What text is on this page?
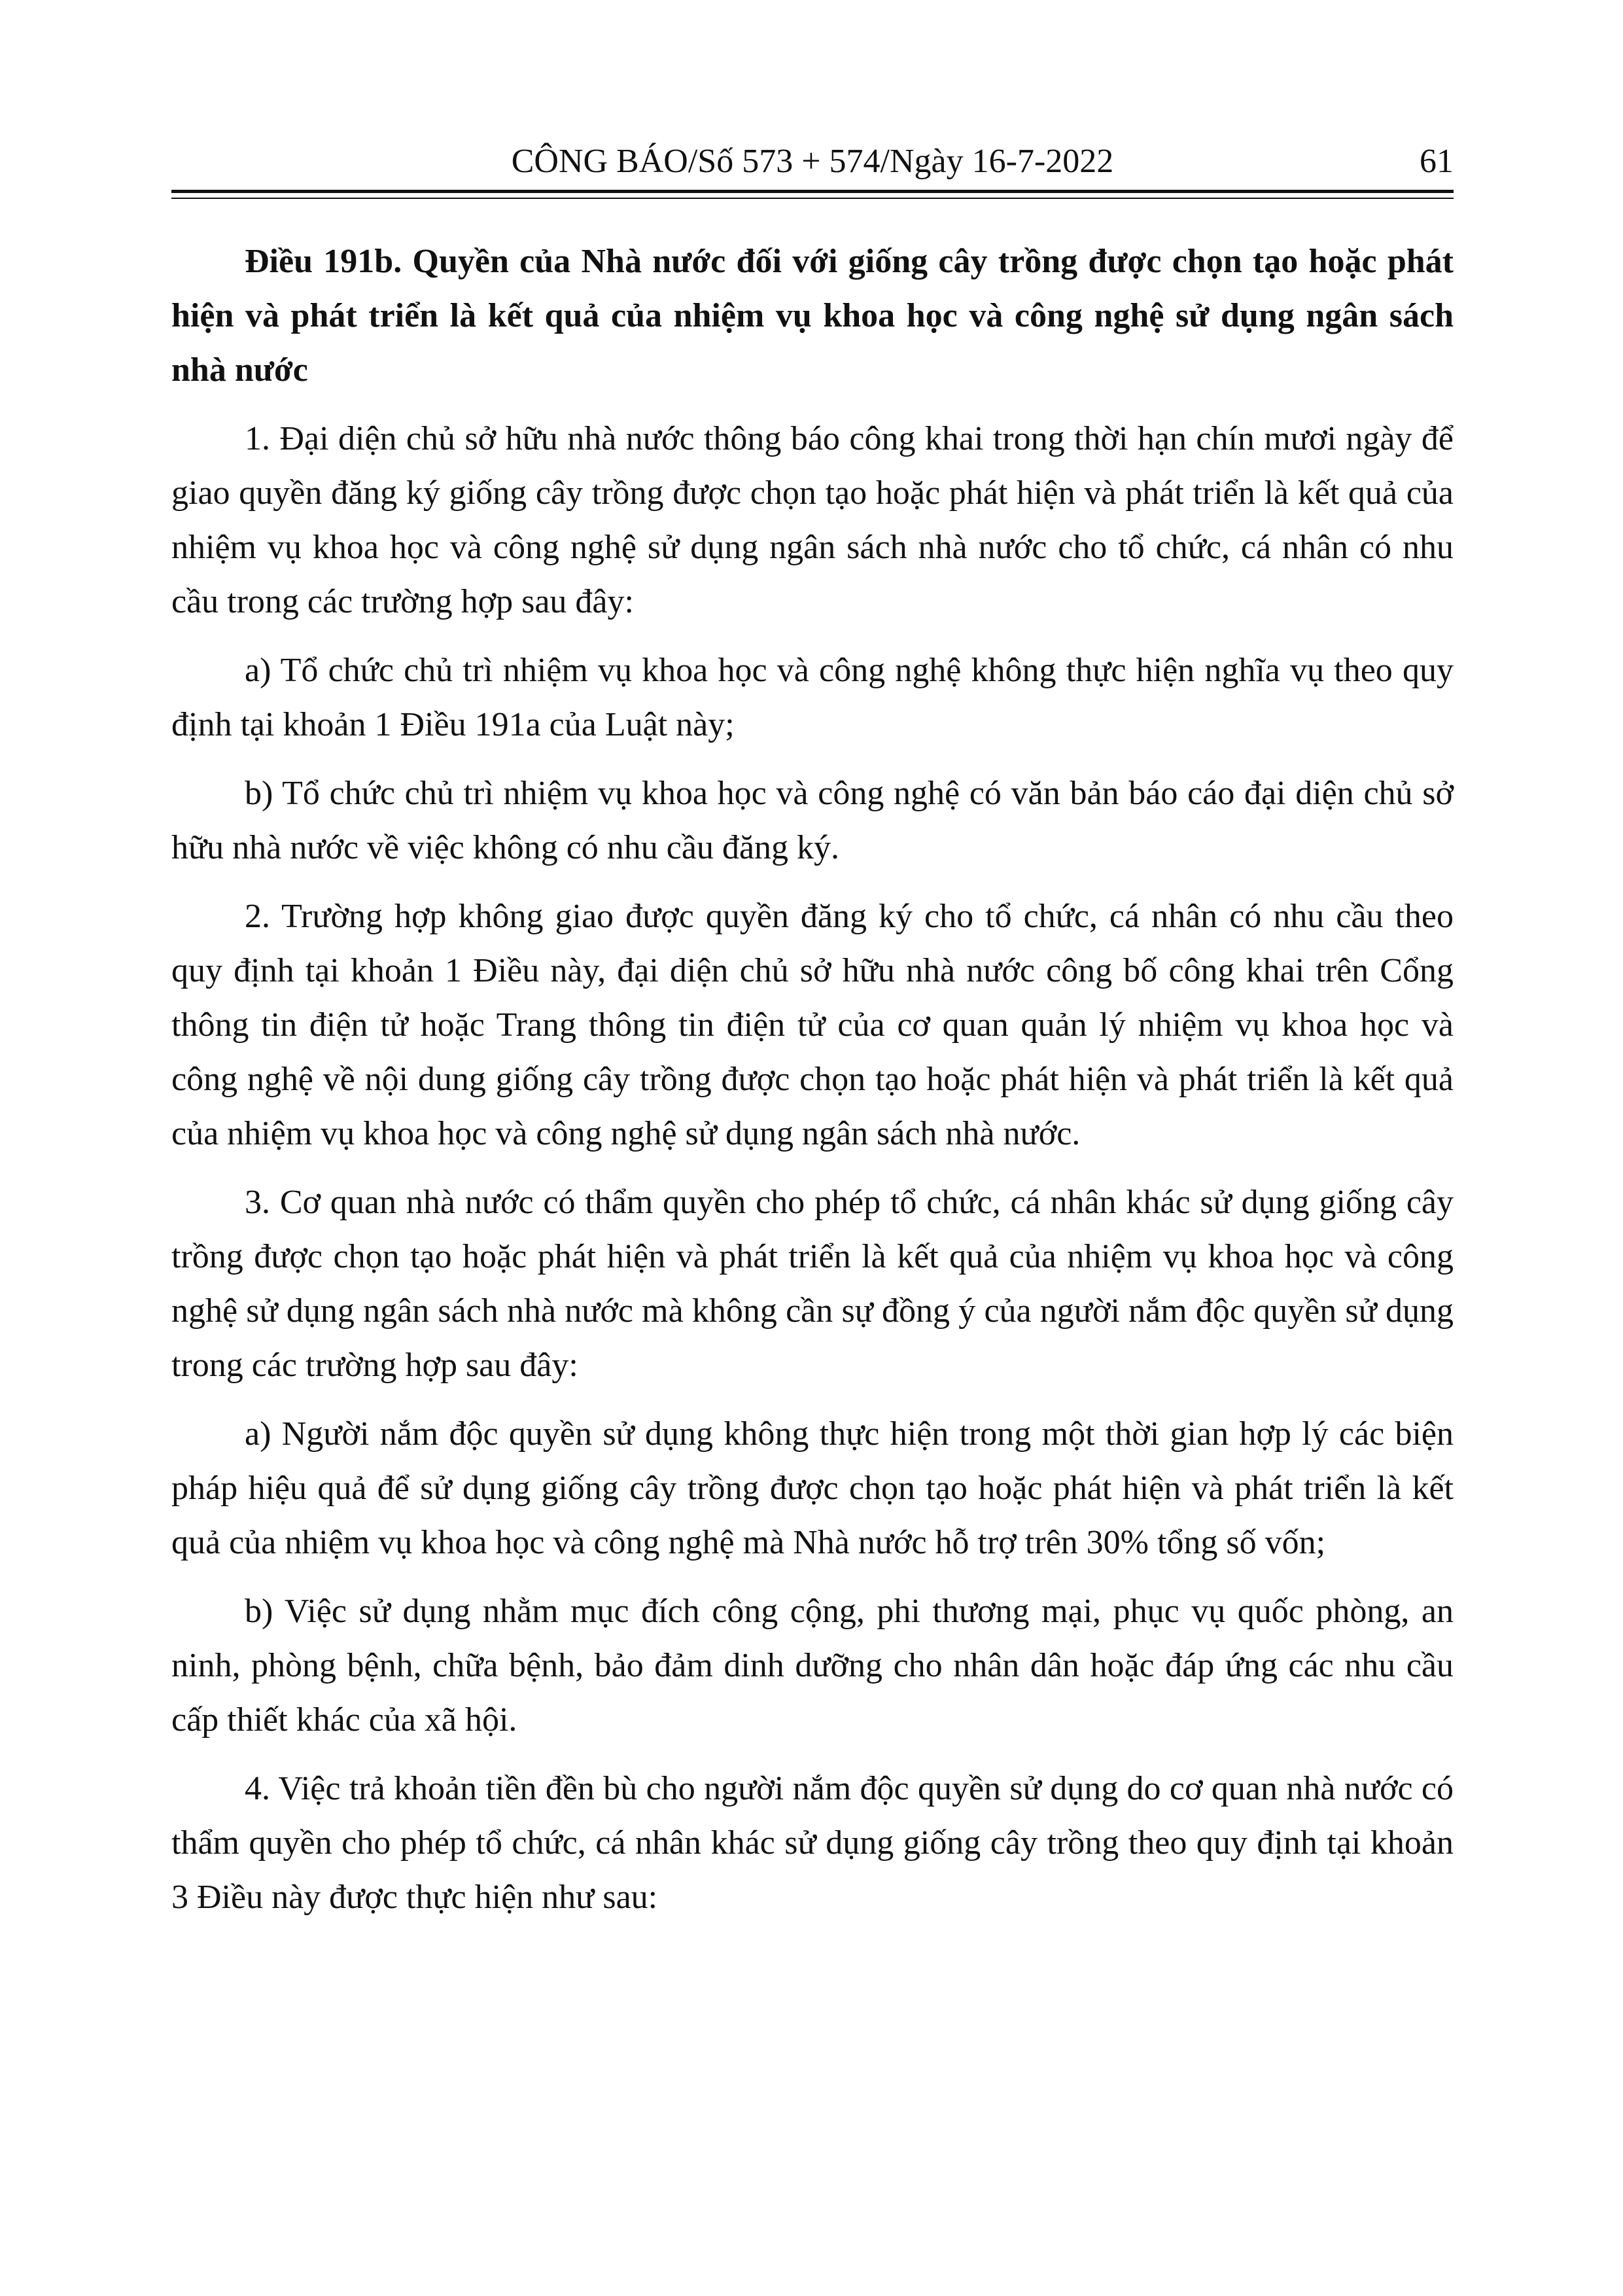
CÔNG BÁO/Số 573 + 574/Ngày 16-7-2022	61

Điều 191b. Quyền của Nhà nước đối với giống cây trồng được chọn tạo hoặc phát hiện và phát triển là kết quả của nhiệm vụ khoa học và công nghệ sử dụng ngân sách nhà nước

1. Đại diện chủ sở hữu nhà nước thông báo công khai trong thời hạn chín mươi ngày để giao quyền đăng ký giống cây trồng được chọn tạo hoặc phát hiện và phát triển là kết quả của nhiệm vụ khoa học và công nghệ sử dụng ngân sách nhà nước cho tổ chức, cá nhân có nhu cầu trong các trường hợp sau đây:

a) Tổ chức chủ trì nhiệm vụ khoa học và công nghệ không thực hiện nghĩa vụ theo quy định tại khoản 1 Điều 191a của Luật này;

b) Tổ chức chủ trì nhiệm vụ khoa học và công nghệ có văn bản báo cáo đại diện chủ sở hữu nhà nước về việc không có nhu cầu đăng ký.

2. Trường hợp không giao được quyền đăng ký cho tổ chức, cá nhân có nhu cầu theo quy định tại khoản 1 Điều này, đại diện chủ sở hữu nhà nước công bố công khai trên Cổng thông tin điện tử hoặc Trang thông tin điện tử của cơ quan quản lý nhiệm vụ khoa học và công nghệ về nội dung giống cây trồng được chọn tạo hoặc phát hiện và phát triển là kết quả của nhiệm vụ khoa học và công nghệ sử dụng ngân sách nhà nước.

3. Cơ quan nhà nước có thẩm quyền cho phép tổ chức, cá nhân khác sử dụng giống cây trồng được chọn tạo hoặc phát hiện và phát triển là kết quả của nhiệm vụ khoa học và công nghệ sử dụng ngân sách nhà nước mà không cần sự đồng ý của người nắm độc quyền sử dụng trong các trường hợp sau đây:

a) Người nắm độc quyền sử dụng không thực hiện trong một thời gian hợp lý các biện pháp hiệu quả để sử dụng giống cây trồng được chọn tạo hoặc phát hiện và phát triển là kết quả của nhiệm vụ khoa học và công nghệ mà Nhà nước hỗ trợ trên 30% tổng số vốn;

b) Việc sử dụng nhằm mục đích công cộng, phi thương mại, phục vụ quốc phòng, an ninh, phòng bệnh, chữa bệnh, bảo đảm dinh dưỡng cho nhân dân hoặc đáp ứng các nhu cầu cấp thiết khác của xã hội.

4. Việc trả khoản tiền đền bù cho người nắm độc quyền sử dụng do cơ quan nhà nước có thẩm quyền cho phép tổ chức, cá nhân khác sử dụng giống cây trồng theo quy định tại khoản 3 Điều này được thực hiện như sau:
